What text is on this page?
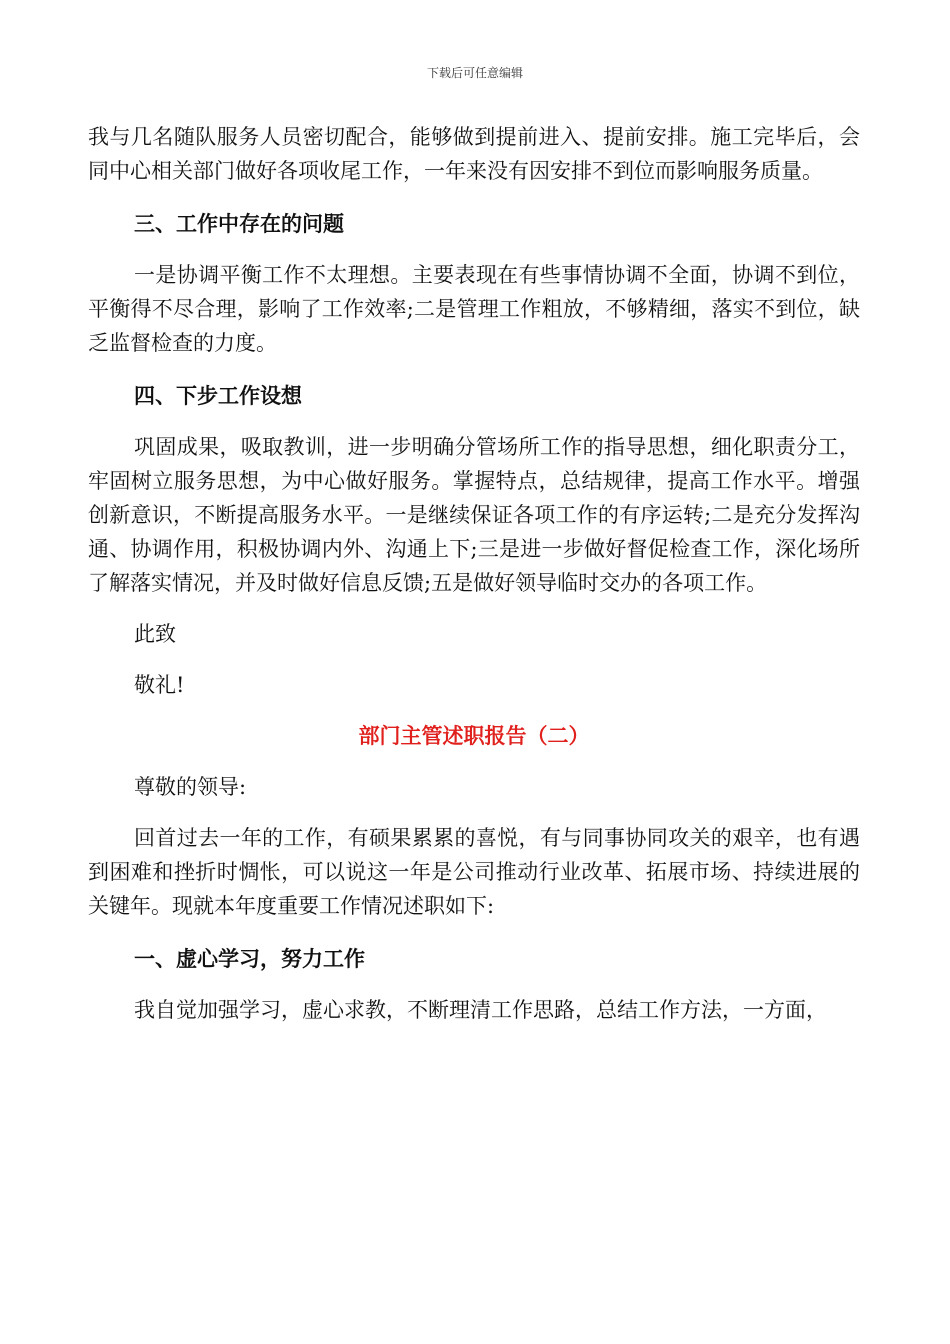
下载后可任意编辑

我与几名随队服务人员密切配合，能够做到提前进入、提前安排。施工完毕后，会同中心相关部门做好各项收尾工作，一年来没有因安排不到位而影响服务质量。

三、工作中存在的问题

一是协调平衡工作不太理想。主要表现在有些事情协调不全面，协调不到位，平衡得不尽合理，影响了工作效率;二是管理工作粗放，不够精细，落实不到位，缺乏监督检查的力度。

四、下步工作设想

巩固成果，吸取教训，进一步明确分管场所工作的指导思想，细化职责分工，牢固树立服务思想，为中心做好服务。掌握特点，总结规律，提高工作水平。增强创新意识，不断提高服务水平。一是继续保证各项工作的有序运转;二是充分发挥沟通、协调作用，积极协调内外、沟通上下;三是进一步做好督促检查工作，深化场所了解落实情况，并及时做好信息反馈;五是做好领导临时交办的各项工作。

此致

敬礼!

部门主管述职报告（二）

尊敬的领导:

回首过去一年的工作，有硕果累累的喜悦，有与同事协同攻关的艰辛，也有遇到困难和挫折时惆怅，可以说这一年是公司推动行业改革、拓展市场、持续进展的关键年。现就本年度重要工作情况述职如下:

一、虚心学习，努力工作

我自觉加强学习，虚心求教，不断理清工作思路，总结工作方法，一方面，
